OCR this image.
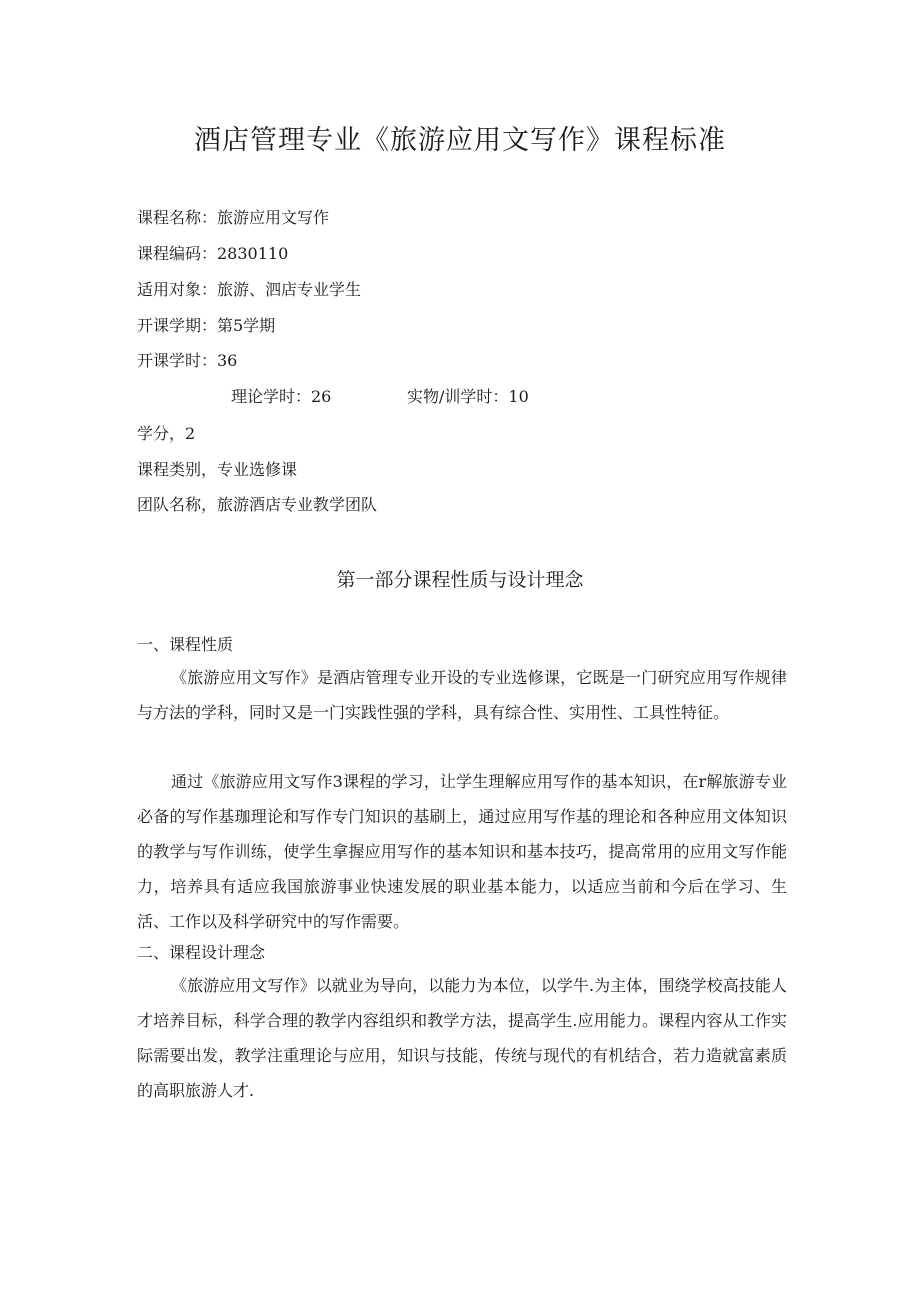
酒店管理专业《旅游应用文写作》课程标准
课程名称：旅游应用文写作
课程编码：2830110
适用对象：旅游、泗店专业学生
开课学期：第5学期
开课学时：36
理论学时：26	实物/训学时：10
学分，2
课程类别，专业选修课
团队名称，旅游酒店专业教学团队
第一部分课程性质与设计理念
一、课程性质

《旅游应用文写作》是酒店管理专业开设的专业选修课，它既是一门研究应用写作规律与方法的学科，同时又是一门实践性强的学科，具有综合性、实用性、工具性特征。

通过《旅游应用文写作3课程的学习，让学生理解应用写作的基本知识，在r解旅游专业必备的写作基珈理论和写作专门知识的基刷上，通过应用写作基的理论和各种应用文体知识的教学与写作训练，使学生拿握应用写作的基本知识和基本技巧，提高常用的应用文写作能力，培养具有适应我国旅游事业快速发展的职业基本能力，以适应当前和今后在学习、生活、工作以及科学研究中的写作需要。

二、课程设计理念

《旅游应用文写作》以就业为导向，以能力为本位，以学牛.为主体，围绕学校高技能人才培养目标，科学合理的教学内容组织和教学方法，提高学生.应用能力。课程内容从工作实际需要出发，教学注重理论与应用，知识与技能，传统与现代的有机结合，若力造就富素质的高职旅游人才.
